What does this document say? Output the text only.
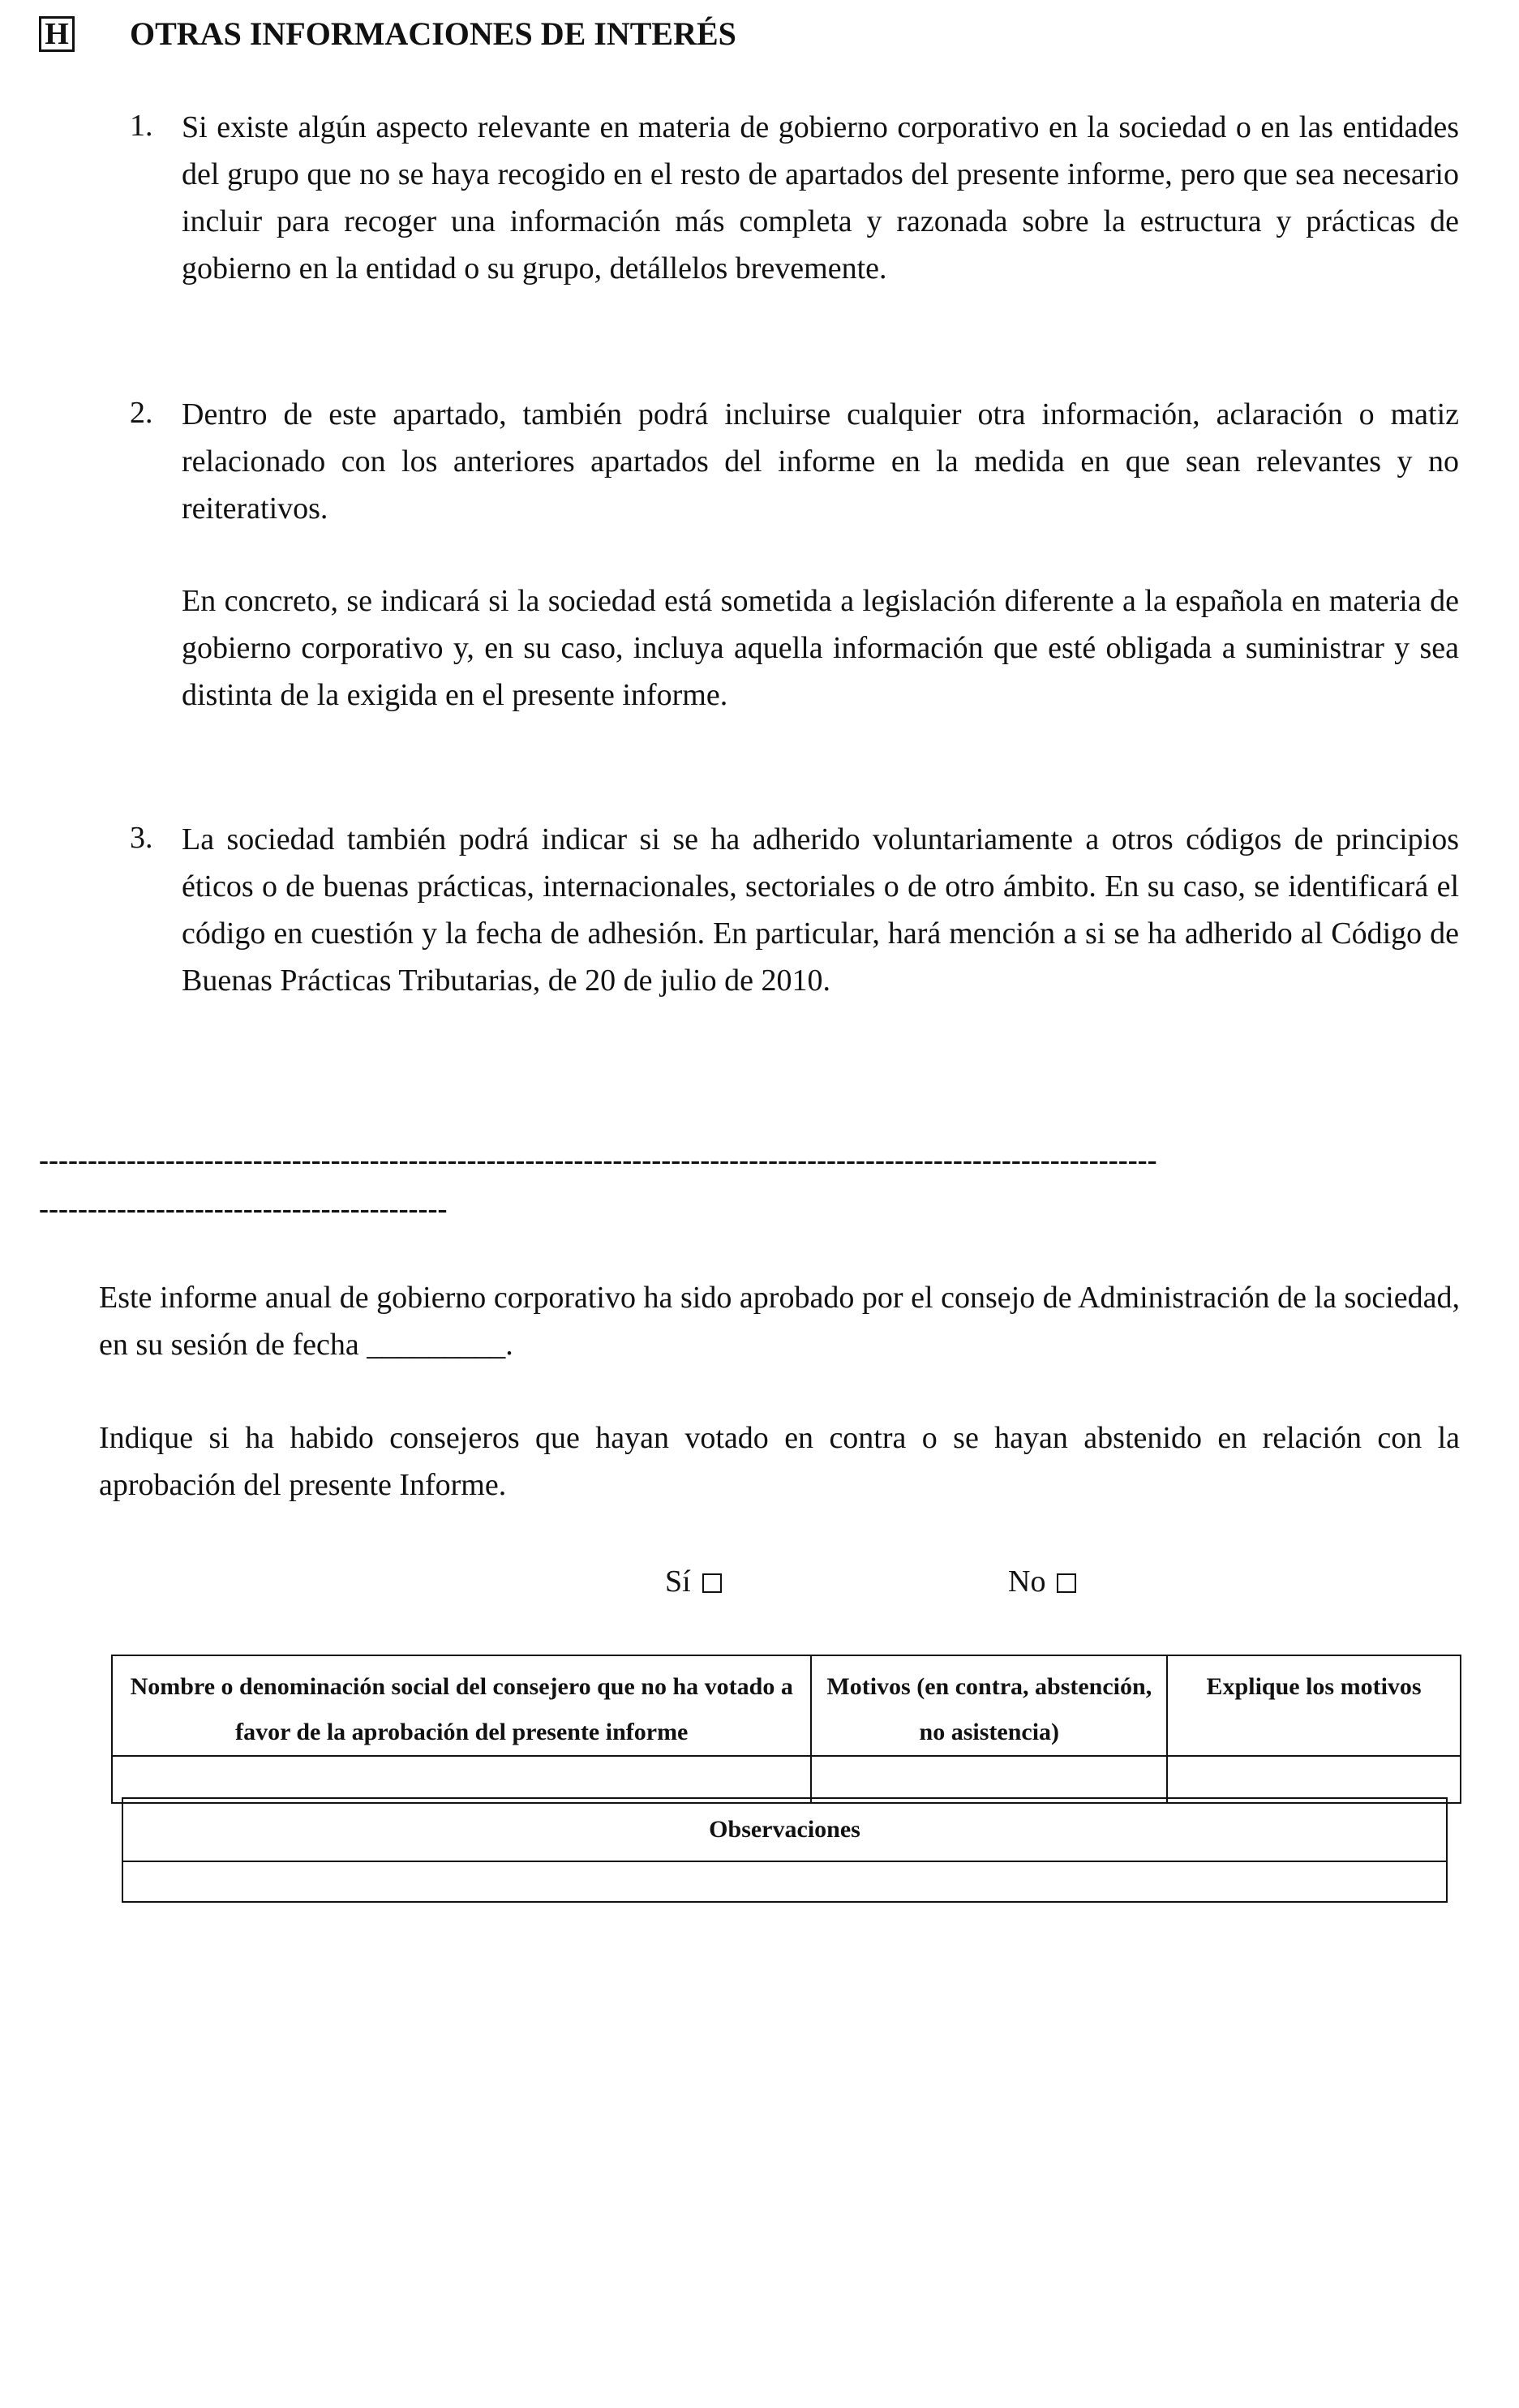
H OTRAS INFORMACIONES DE INTERÉS
1. Si existe algún aspecto relevante en materia de gobierno corporativo en la sociedad o en las entidades del grupo que no se haya recogido en el resto de apartados del presente informe, pero que sea necesario incluir para recoger una información más completa y razonada sobre la estructura y prácticas de gobierno en la entidad o su grupo, detállelos brevemente.

2. Dentro de este apartado, también podrá incluirse cualquier otra información, aclaración o matiz relacionado con los anteriores apartados del informe en la medida en que sean relevantes y no reiterativos.

En concreto, se indicará si la sociedad está sometida a legislación diferente a la española en materia de gobierno corporativo y, en su caso, incluya aquella información que esté obligada a suministrar y sea distinta de la exigida en el presente informe.

3. La sociedad también podrá indicar si se ha adherido voluntariamente a otros códigos de principios éticos o de buenas prácticas, internacionales, sectoriales o de otro ámbito. En su caso, se identificará el código en cuestión y la fecha de adhesión. En particular, hará mención a si se ha adherido al Código de Buenas Prácticas Tributarias, de 20 de julio de 2010.

-------------------------------------------------------------------------------------------------------------------
------------------------------------------

Este informe anual de gobierno corporativo ha sido aprobado por el consejo de Administración de la sociedad, en su sesión de fecha _________.

Indique si ha habido consejeros que hayan votado en contra o se hayan abstenido en relación con la aprobación del presente Informe.

Sí	No
Nombre o denominación social del consejero que no ha votado a favor de la aprobación del presente informe	Motivos (en contra, abstención, no asistencia)	Explique los motivos

Observaciones
